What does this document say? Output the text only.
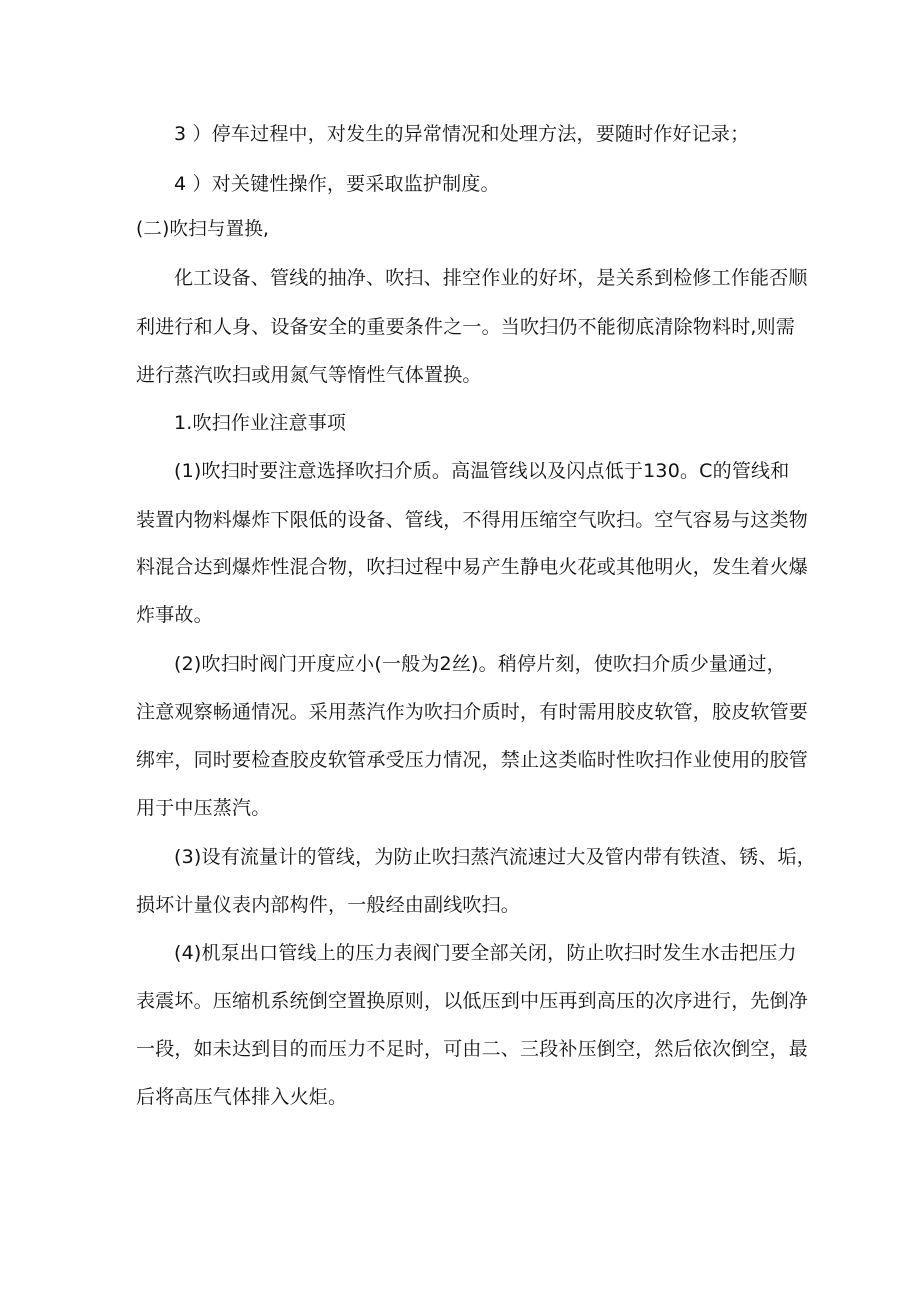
3 ）停车过程中，对发生的异常情况和处理方法，要随时作好记录；
4 ）对关键性操作，要采取监护制度。
(二)吹扫与置换,
化工设备、管线的抽净、吹扫、排空作业的好坏，是关系到检修工作能否顺
利进行和人身、设备安全的重要条件之一。当吹扫仍不能彻底清除物料时,则需
进行蒸汽吹扫或用氮气等惰性气体置换。
1.吹扫作业注意事项
(1)吹扫时要注意选择吹扫介质。高温管线以及闪点低于130。C的管线和
装置内物料爆炸下限低的设备、管线，不得用压缩空气吹扫。空气容易与这类物
料混合达到爆炸性混合物，吹扫过程中易产生静电火花或其他明火，发生着火爆
炸事故。
(2)吹扫时阀门开度应小(一般为2丝)。稍停片刻，使吹扫介质少量通过，
注意观察畅通情况。采用蒸汽作为吹扫介质时，有时需用胶皮软管，胶皮软管要
绑牢，同时要检查胶皮软管承受压力情况，禁止这类临时性吹扫作业使用的胶管
用于中压蒸汽。
(3)设有流量计的管线，为防止吹扫蒸汽流速过大及管内带有铁渣、锈、垢，
损坏计量仪表内部构件，一般经由副线吹扫。
(4)机泵出口管线上的压力表阀门要全部关闭，防止吹扫时发生水击把压力
表震坏。压缩机系统倒空置换原则，以低压到中压再到高压的次序进行，先倒净
一段，如未达到目的而压力不足时，可由二、三段补压倒空，然后依次倒空，最
后将高压气体排入火炬。
